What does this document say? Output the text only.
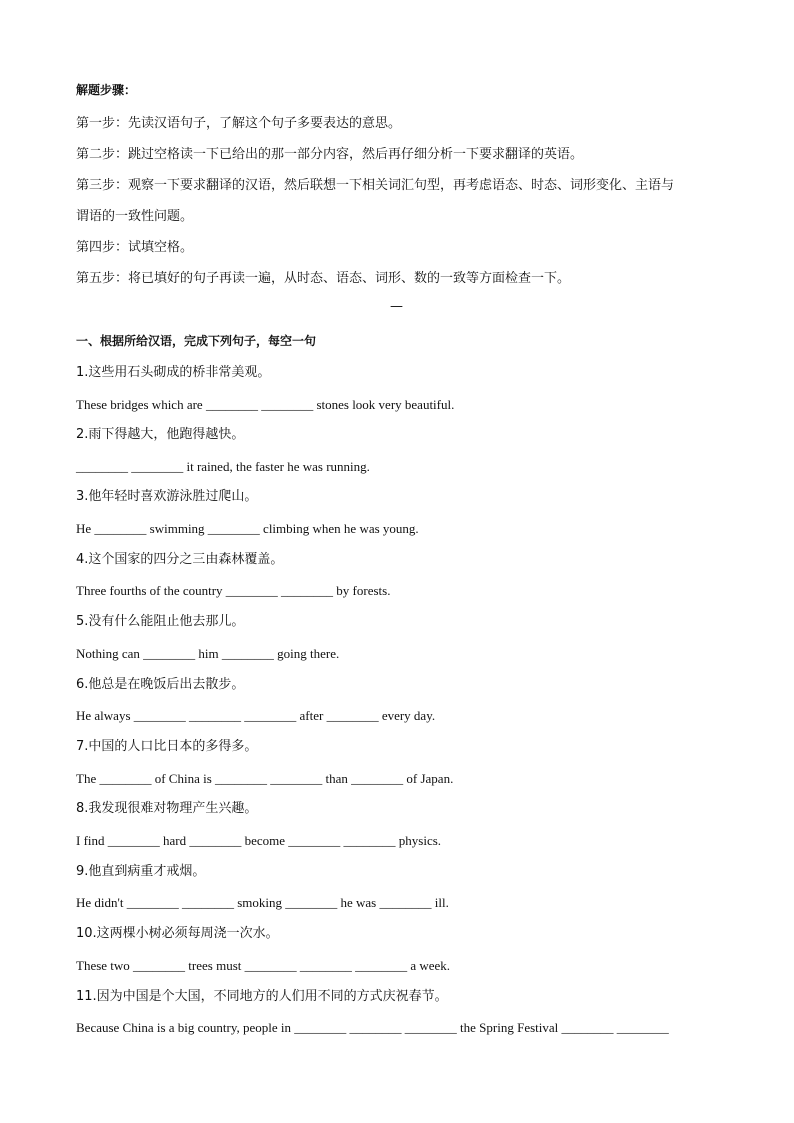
解题步骤：
第一步：先读汉语句子，了解这个句子多要表达的意思。
第二步：跳过空格读一下已给出的那一部分内容，然后再仔细分析一下要求翻译的英语。
第三步：观察一下要求翻译的汉语，然后联想一下相关词汇句型，再考虑语态、时态、词形变化、主语与
谓语的一致性问题。
第四步：试填空格。
第五步：将已填好的句子再读一遍，从时态、语态、词形、数的一致等方面检查一下。
—
一、根据所给汉语，完成下列句子，每空一句
1.这些用石头砌成的桥非常美观。
These bridges which are ________ ________ stones look very beautiful.
2.雨下得越大，他跑得越快。
________ ________ it rained, the faster he was running.
3.他年轻时喜欢游泳胜过爬山。
He ________ swimming ________ climbing when he was young.
4.这个国家的四分之三由森林覆盖。
Three fourths of the country ________ ________ by forests.
5.没有什么能阻止他去那儿。
Nothing can ________ him ________ going there.
6.他总是在晚饭后出去散步。
He always ________ ________ ________ after ________ every day.
7.中国的人口比日本的多得多。
The ________ of China is ________ ________ than ________ of Japan.
8.我发现很难对物理产生兴趣。
I find ________ hard ________ become ________ ________ physics.
9.他直到病重才戒烟。
He didn't ________ ________ smoking ________ he was ________ ill.
10.这两棵小树必须每周浇一次水。
These two ________ trees must ________ ________ ________ a week.
11.因为中国是个大国，不同地方的人们用不同的方式庆祝春节。
Because China is a big country, people in ________ ________ ________ the Spring Festival ________ ________
